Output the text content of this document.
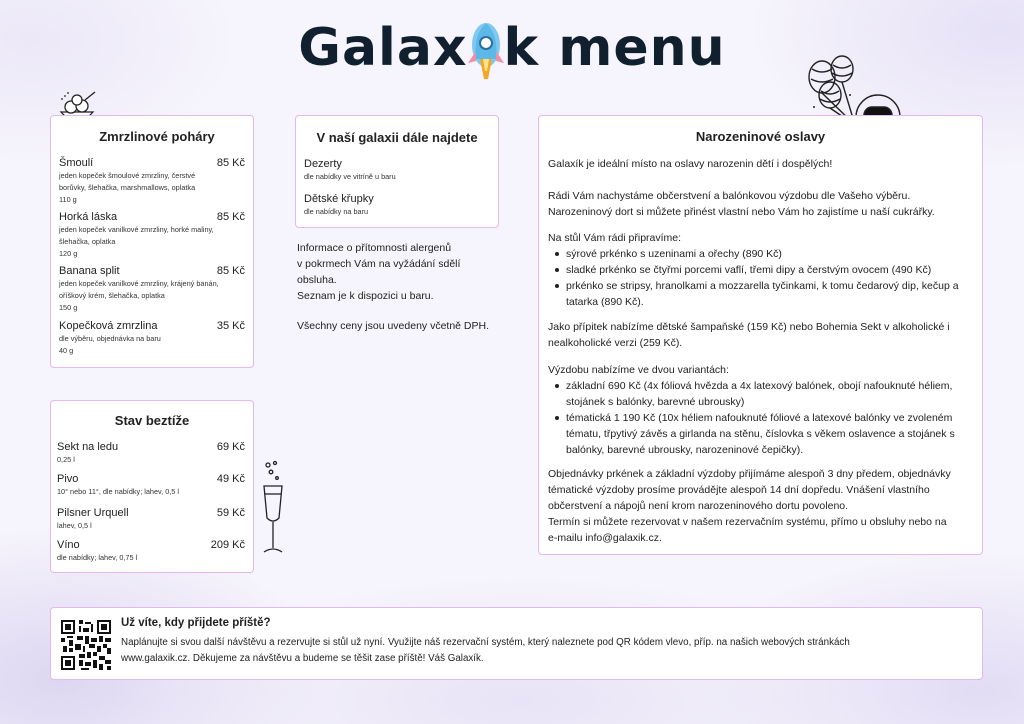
Galax k menu
Zmrzlinové poháry
Šmoulí	85 Kč
jeden kopeček šmoulové zmrzliny, čerstvé
borůvky, šlehačka, marshmallows, oplatka
110 g
Horká láska	85 Kč
jeden kopeček vanilkové zmrzliny, horké maliny,
šlehačka, oplatka
120 g
Banana split	85 Kč
jeden kopeček vanilkové zmrzliny, krájený banán,
oříškový krém, šlehačka, oplatka
150 g
Kopečková zmrzlina	35 Kč
dle výběru, objednávka na baru
40 g
Stav beztíže
Sekt na ledu	69 Kč
0,25 l
Pivo	49 Kč
10° nebo 11°, dle nabídky; lahev, 0,5 l
Pilsner Urquell	59 Kč
lahev, 0,5 l
Víno	209 Kč
dle nabídky; lahev, 0,75 l
V naší galaxii dále najdete
Dezerty
dle nabídky ve vitríně u baru
Dětské křupky
dle nabídky na baru
Informace o přítomnosti alergenů
v pokrmech Vám na vyžádání sdělí
obsluha.
Seznam je k dispozici u baru.
Všechny ceny jsou uvedeny včetně DPH.
Narozeninové oslavy
Galaxík je ideální místo na oslavy narozenin dětí i dospělých!
Rádi Vám nachystáme občerstvení a balónkovou výzdobu dle Vašeho výběru.
Narozeninový dort si můžete přinést vlastní nebo Vám ho zajistíme u naší cukrářky.
Na stůl Vám rádi připravíme:
sýrové prkénko s uzeninami a ořechy (890 Kč)
sladké prkénko se čtyřmi porcemi vaflí, třemi dipy a čerstvým ovocem (490 Kč)
prkénko se stripsy, hranolkami a mozzarella tyčinkami, k tomu čedarový dip, kečup a tatarka (890 Kč).
Jako přípitek nabízíme dětské šampaňské (159 Kč) nebo Bohemia Sekt v alkoholické i
nealkoholické verzi (259 Kč).
Výzdobu nabízíme ve dvou variantách:
základní 690 Kč (4x fóliová hvězda a 4x latexový balónek, obojí nafouknuté héliem, stojánek s balónky, barevné ubrousky)
tématická 1 190 Kč (10x héliem nafouknuté fóliové a latexové balónky ve zvoleném tématu, třpytivý závěs a girlanda na stěnu, číslovka s věkem oslavence a stojánek s balónky, barevné ubrousky, narozeninové čepičky).
Objednávky prkének a základní výzdoby přijímáme alespoň 3 dny předem, objednávky
tématické výzdoby prosíme provádějte alespoň 14 dní dopředu. Vnášení vlastního
občerstvení a nápojů není krom narozeninového dortu povoleno.
Termín si můžete rezervovat v našem rezervačním systému, přímo u obsluhy nebo na
e-mailu info@galaxik.cz.
Už víte, kdy přijdete příště?
Naplánujte si svou další návštěvu a rezervujte si stůl už nyní. Využijte náš rezervační systém, který naleznete pod QR kódem vlevo, příp. na našich webových stránkách
www.galaxik.cz. Děkujeme za návštěvu a budeme se těšit zase příště! Váš Galaxík.
